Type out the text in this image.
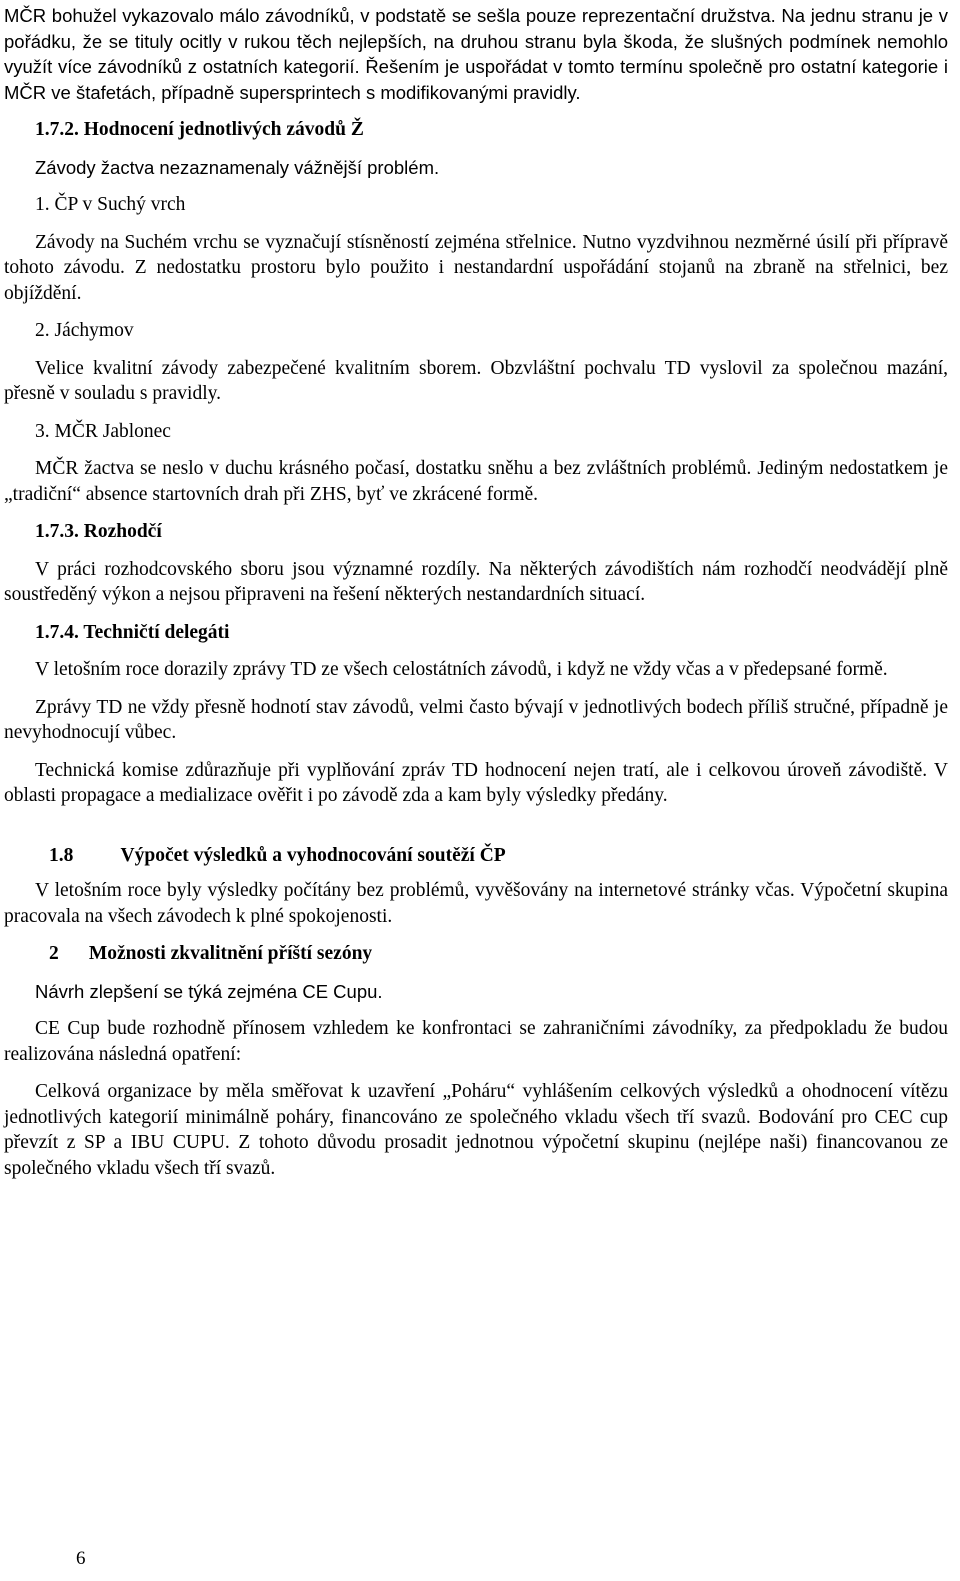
MČR bohužel vykazovalo málo závodníků, v podstatě se sešla pouze reprezentační družstva. Na jednu stranu je v pořádku, že se tituly ocitly v rukou těch nejlepších, na druhou stranu byla škoda, že slušných podmínek nemohlo využít více závodníků z ostatních kategorií. Řešením je uspořádat v tomto termínu společně pro ostatní kategorie i MČR ve štafetách, případně supersprintech s modifikovanými pravidly.

1.7.2. Hodnocení jednotlivých závodů Ž

Závody žactva nezaznamenaly vážnější problém.

1. ČP v Suchý vrch

Závody na Suchém vrchu se vyznačují stísněností zejména střelnice. Nutno vyzdvihnou nezměrné úsilí při přípravě tohoto závodu. Z nedostatku prostoru bylo použito i nestandardní uspořádání stojanů na zbraně na střelnici, bez objíždění.

2. Jáchymov

Velice kvalitní závody zabezpečené kvalitním sborem. Obzvláštní pochvalu TD vyslovil za společnou mazání, přesně v souladu s pravidly.

3. MČR Jablonec

MČR žactva se neslo v duchu krásného počasí, dostatku sněhu a bez zvláštních problémů. Jediným nedostatkem je „tradiční“ absence startovních drah při ZHS, byť ve zkrácené formě.

1.7.3. Rozhodčí

V práci rozhodcovského sboru jsou významné rozdíly. Na některých závodištích nám rozhodčí neodvádějí plně soustředěný výkon a nejsou připraveni na řešení některých nestandardních situací.

1.7.4. Techničtí delegáti

V letošním roce dorazily zprávy TD ze všech celostátních závodů, i když ne vždy včas a v předepsané formě.

Zprávy TD ne vždy přesně hodnotí stav závodů, velmi často bývají v jednotlivých bodech příliš stručné, případně je nevyhodnocují vůbec.

Technická komise zdůrazňuje při vyplňování zpráv TD hodnocení nejen tratí, ale i celkovou úroveň závodiště. V oblasti propagace a medializace ověřit i po závodě zda a kam byly výsledky předány.

1.8 Výpočet výsledků a vyhodnocování soutěží ČP

V letošním roce byly výsledky počítány bez problémů, vyvěšovány na internetové stránky včas. Výpočetní skupina pracovala na všech závodech k plné spokojenosti.

2 Možnosti zkvalitnění příští sezóny

Návrh zlepšení se týká zejména CE Cupu.

CE Cup bude rozhodně přínosem vzhledem ke konfrontaci se zahraničními závodníky, za předpokladu že budou realizována následná opatření:

Celková organizace by měla směřovat k uzavření „Poháru“ vyhlášením celkových výsledků a ohodnocení vítězu jednotlivých kategorií minimálně poháry, financováno ze společného vkladu všech tří svazů. Bodování pro CEC cup převzít z SP a IBU CUPU. Z tohoto důvodu prosadit jednotnou výpočetní skupinu (nejlépe naši) financovanou ze společného vkladu všech tří svazů.

6
